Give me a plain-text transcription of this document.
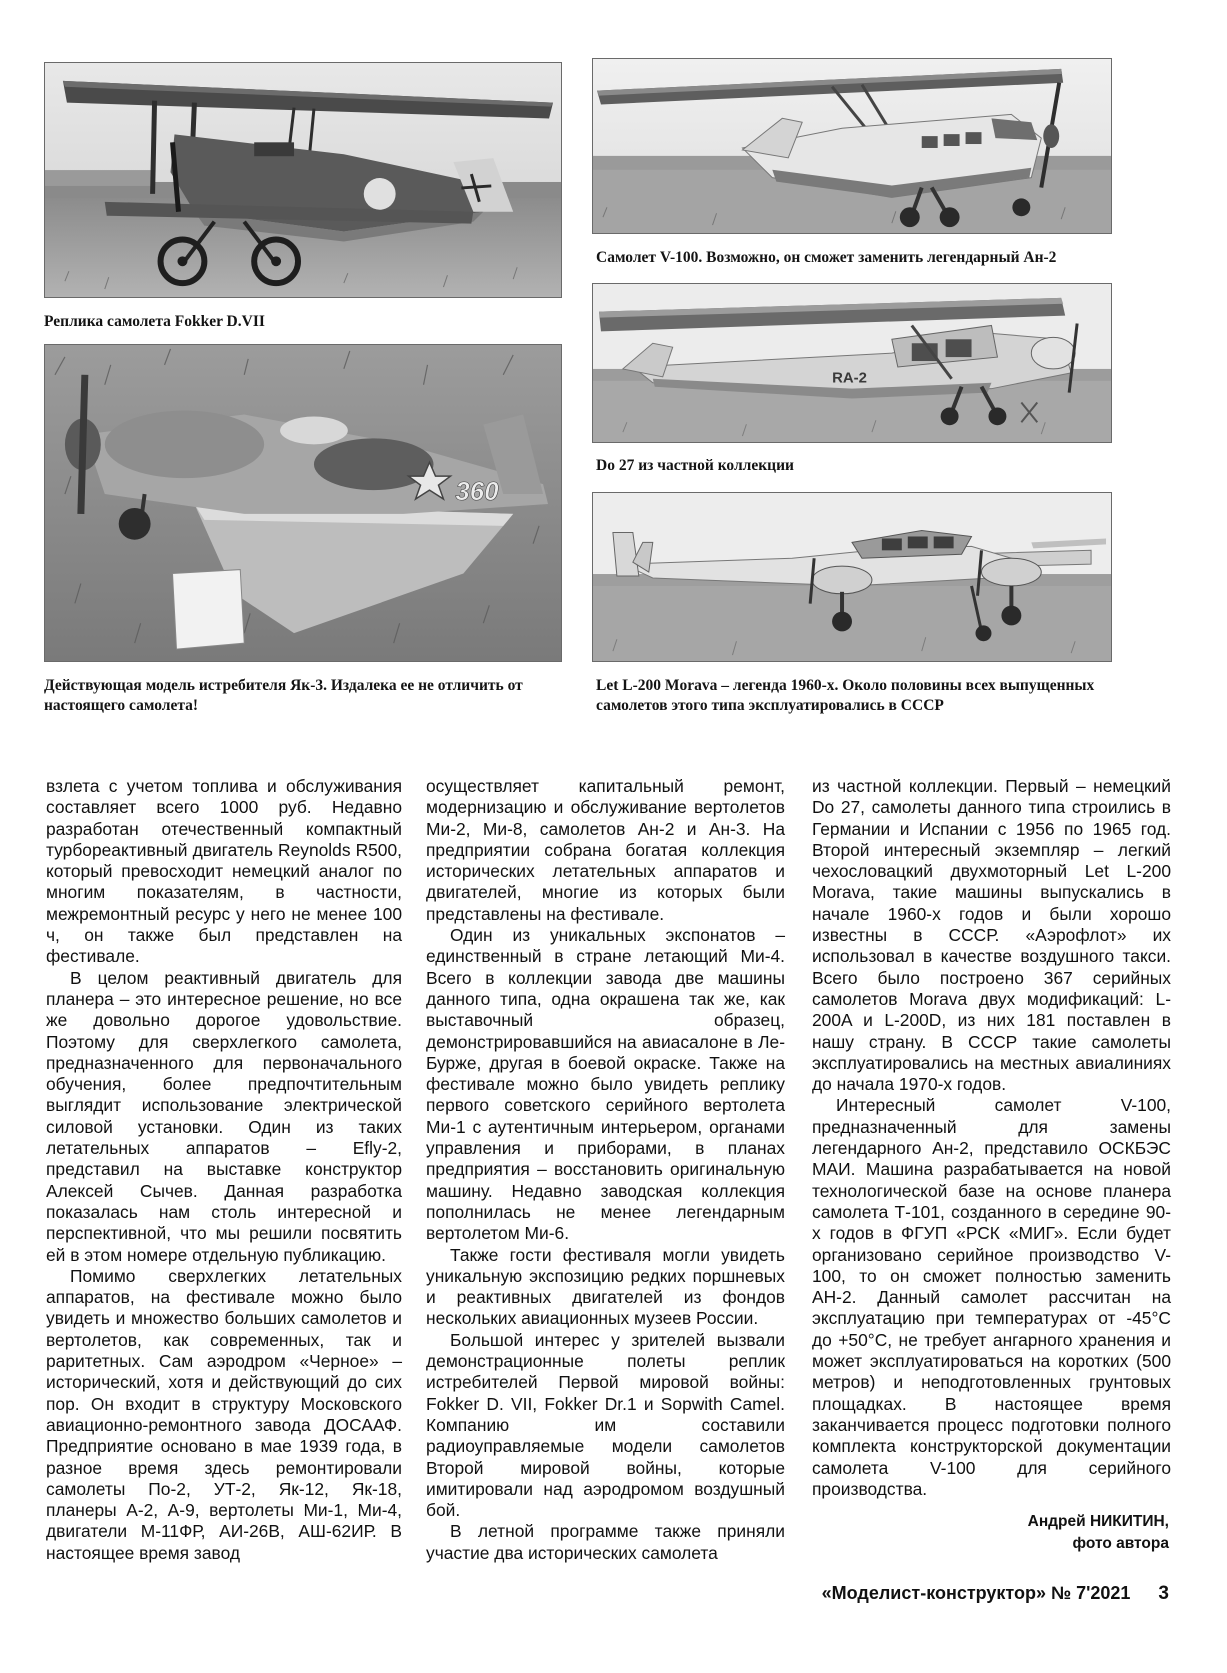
Реплика самолета Fokker D.VII
360
Действующая модель истребителя Як-3. Издалека ее не отличить от настоящего самолета!
Самолет V-100. Возможно, он сможет заменить легендарный Ан-2
RA-2
Do 27 из частной коллекции
Let L-200 Morava – легенда 1960-х. Около половины всех выпущенных самолетов этого типа эксплуатировались в СССР

взлета с учетом топлива и обслуживания составляет всего 1000 руб. Недавно разработан отечественный компактный турбореактивный двигатель Reynolds R500, который превосходит немецкий аналог по многим показателям, в частности, межремонтный ресурс у него не менее 100 ч, он также был представлен на фестивале.

В целом реактивный двигатель для планера – это интересное решение, но все же довольно дорогое удовольствие. Поэтому для сверхлегкого самолета, предназначенного для первоначального обучения, более предпочтительным выглядит использование электрической силовой установки. Один из таких летательных аппаратов – Efly-2, представил на выставке конструктор Алексей Сычев. Данная разработка показалась нам столь интересной и перспективной, что мы решили посвятить ей в этом номере отдельную публикацию.

Помимо сверхлегких летательных аппаратов, на фестивале можно было увидеть и множество больших самолетов и вертолетов, как современных, так и раритетных. Сам аэродром «Черное» – исторический, хотя и действующий до сих пор. Он входит в структуру Московского авиационно-ремонтного завода ДОСААФ. Предприятие основано в мае 1939 года, в разное время здесь ремонтировали самолеты По-2, УТ-2, Як-12, Як-18, планеры А-2, А-9, вертолеты Ми-1, Ми-4, двигатели М-11ФР, АИ-26В, АШ-62ИР. В настоящее время завод

осуществляет капитальный ремонт, модернизацию и обслуживание вертолетов Ми-2, Ми-8, самолетов Ан-2 и Ан-3. На предприятии собрана богатая коллекция исторических летательных аппаратов и двигателей, многие из которых были представлены на фестивале.

Один из уникальных экспонатов – единственный в стране летающий Ми-4. Всего в коллекции завода две машины данного типа, одна окрашена так же, как выставочный образец, демонстрировавшийся на авиасалоне в Ле-Бурже, другая в боевой окраске. Также на фестивале можно было увидеть реплику первого советского серийного вертолета Ми-1 с аутентичным интерьером, органами управления и приборами, в планах предприятия – восстановить оригинальную машину. Недавно заводская коллекция пополнилась не менее легендарным вертолетом Ми-6.

Также гости фестиваля могли увидеть уникальную экспозицию редких поршневых и реактивных двигателей из фондов нескольких авиационных музеев России.

Большой интерес у зрителей вызвали демонстрационные полеты реплик истребителей Первой мировой войны: Fokker D. VII, Fokker Dr.1 и Sopwith Camel. Компанию им составили радиоуправляемые модели самолетов Второй мировой войны, которые имитировали над аэродромом воздушный бой.

В летной программе также приняли участие два исторических самолета

из частной коллекции. Первый – немецкий Do 27, самолеты данного типа строились в Германии и Испании с 1956 по 1965 год. Второй интересный экземпляр – легкий чехословацкий двухмоторный Let L-200 Morava, такие машины выпускались в начале 1960-х годов и были хорошо известны в СССР. «Аэрофлот» их использовал в качестве воздушного такси. Всего было построено 367 серийных самолетов Morava двух модификаций: L-200A и L-200D, из них 181 поставлен в нашу страну. В СССР такие самолеты эксплуатировались на местных авиалиниях до начала 1970-х годов.

Интересный самолет V-100, предназначенный для замены легендарного Ан-2, представило ОСКБЭС МАИ. Машина разрабатывается на новой технологической базе на основе планера самолета Т-101, созданного в середине 90-х годов в ФГУП «РСК «МИГ». Если будет организовано серийное производство V-100, то он сможет полностью заменить АН-2. Данный самолет рассчитан на эксплуатацию при температурах от -45°С до +50°С, не требует ангарного хранения и может эксплуатироваться на коротких (500 метров) и неподготовленных грунтовых площадках. В настоящее время заканчивается процесс подготовки полного комплекта конструкторской документации самолета V-100 для серийного производства.

Андрей НИКИТИН,
фото автора
«Моделист-конструктор» № 7'2021 3
